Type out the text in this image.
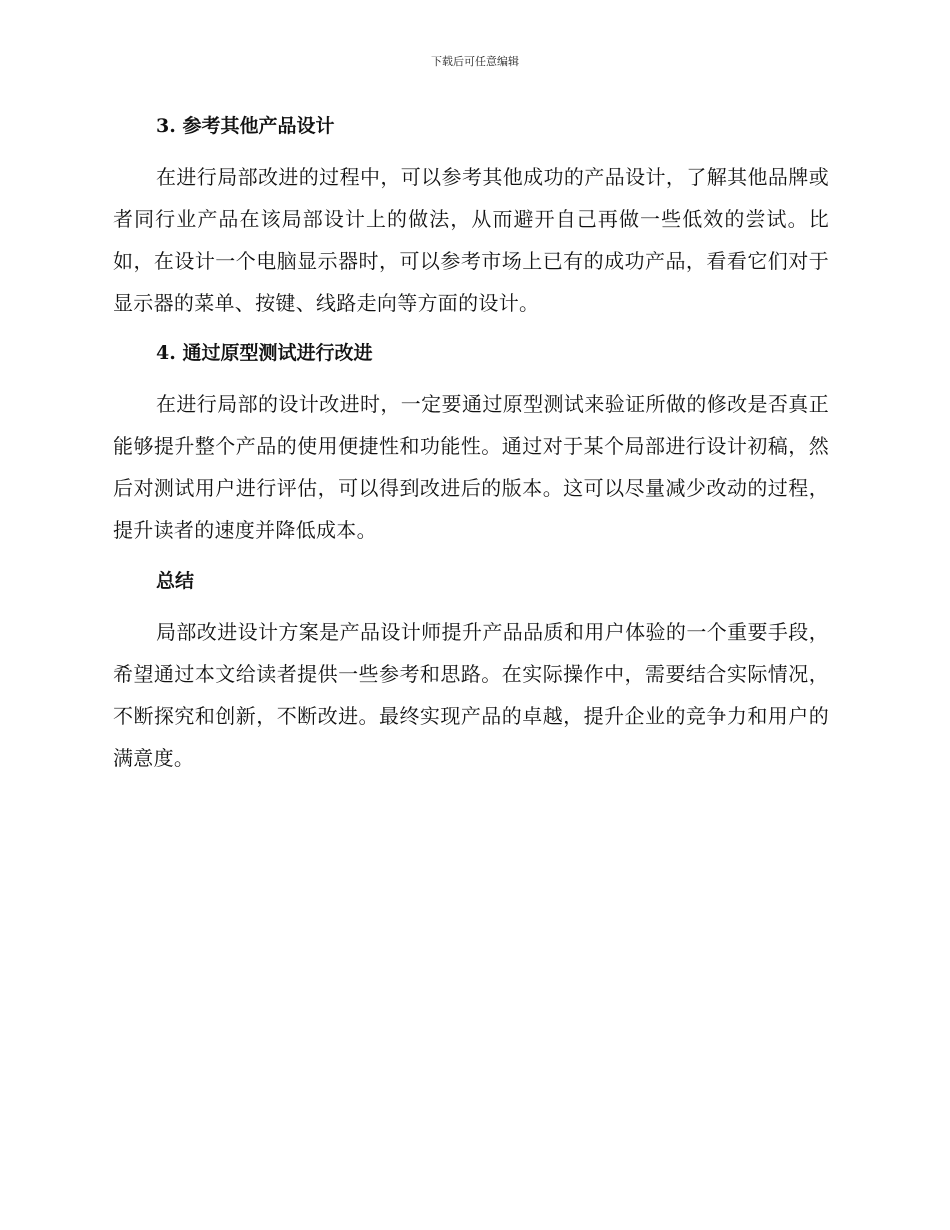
下载后可任意编辑
3. 参考其他产品设计

在进行局部改进的过程中，可以参考其他成功的产品设计，了解其他品牌或者同行业产品在该局部设计上的做法，从而避开自己再做一些低效的尝试。比如，在设计一个电脑显示器时，可以参考市场上已有的成功产品，看看它们对于显示器的菜单、按键、线路走向等方面的设计。

4. 通过原型测试进行改进

在进行局部的设计改进时，一定要通过原型测试来验证所做的修改是否真正能够提升整个产品的使用便捷性和功能性。通过对于某个局部进行设计初稿，然后对测试用户进行评估，可以得到改进后的版本。这可以尽量减少改动的过程，提升读者的速度并降低成本。

总结

局部改进设计方案是产品设计师提升产品品质和用户体验的一个重要手段，希望通过本文给读者提供一些参考和思路。在实际操作中，需要结合实际情况，不断探究和创新，不断改进。最终实现产品的卓越，提升企业的竞争力和用户的满意度。
